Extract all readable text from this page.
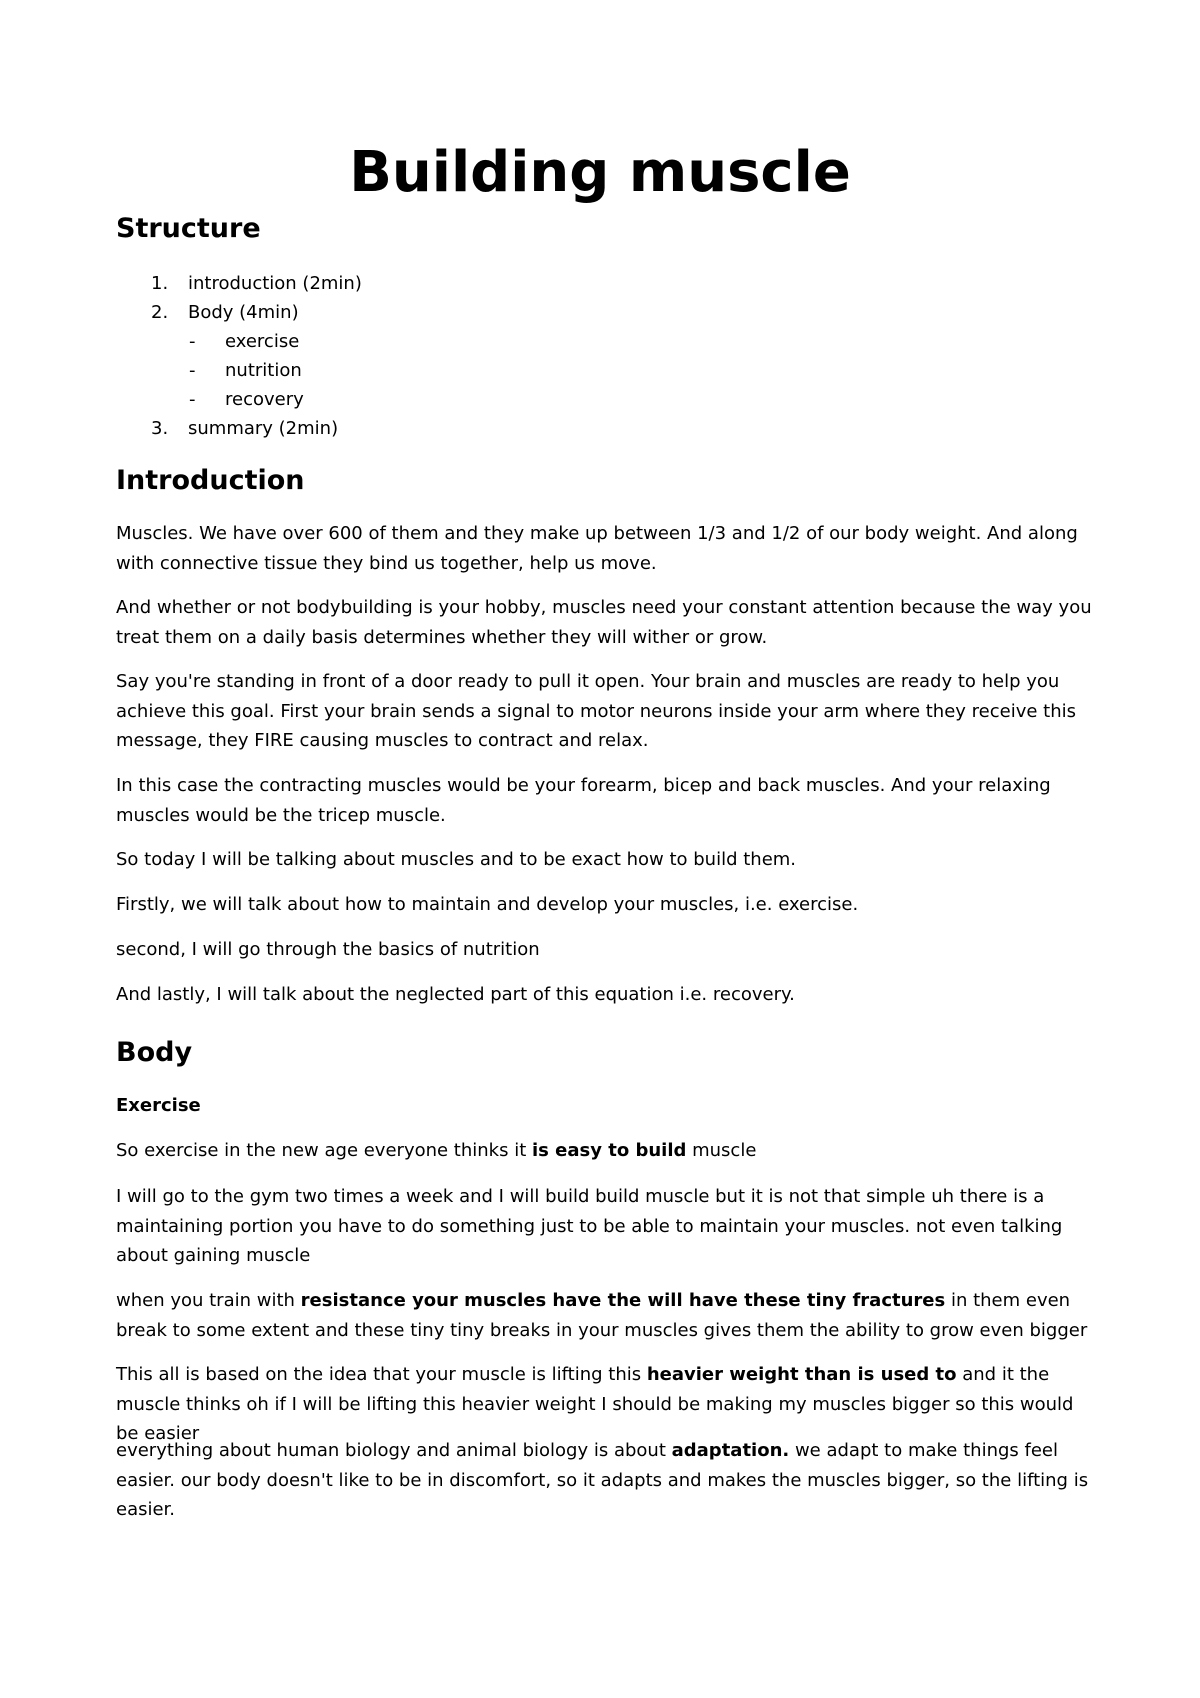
Building muscle
Structure
1. introduction (2min)
2. Body (4min)
- exercise
- nutrition
- recovery
3. summary (2min)
Introduction

Muscles. We have over 600 of them and they make up between 1/3 and 1/2 of our body weight. And along with connective tissue they bind us together, help us move.

And whether or not bodybuilding is your hobby, muscles need your constant attention because the way you treat them on a daily basis determines whether they will wither or grow.

Say you're standing in front of a door ready to pull it open. Your brain and muscles are ready to help you achieve this goal. First your brain sends a signal to motor neurons inside your arm where they receive this message, they FIRE causing muscles to contract and relax.

In this case the contracting muscles would be your forearm, bicep and back muscles. And your relaxing muscles would be the tricep muscle.

So today I will be talking about muscles and to be exact how to build them.

Firstly, we will talk about how to maintain and develop your muscles, i.e. exercise.

second, I will go through the basics of nutrition

And lastly, I will talk about the neglected part of this equation i.e. recovery.

Body
Exercise

So exercise in the new age everyone thinks it is easy to build muscle

I will go to the gym two times a week and I will build build muscle but it is not that simple uh there is a maintaining portion you have to do something just to be able to maintain your muscles. not even talking about gaining muscle

when you train with resistance your muscles have the will have these tiny fractures in them even break to some extent and these tiny tiny breaks in your muscles gives them the ability to grow even bigger

This all is based on the idea that your muscle is lifting this heavier weight than is used to and it the muscle thinks oh if I will be lifting this heavier weight I should be making my muscles bigger so this would be easier

everything about human biology and animal biology is about adaptation. we adapt to make things feel easier. our body doesn't like to be in discomfort, so it adapts and makes the muscles bigger, so the lifting is easier.
